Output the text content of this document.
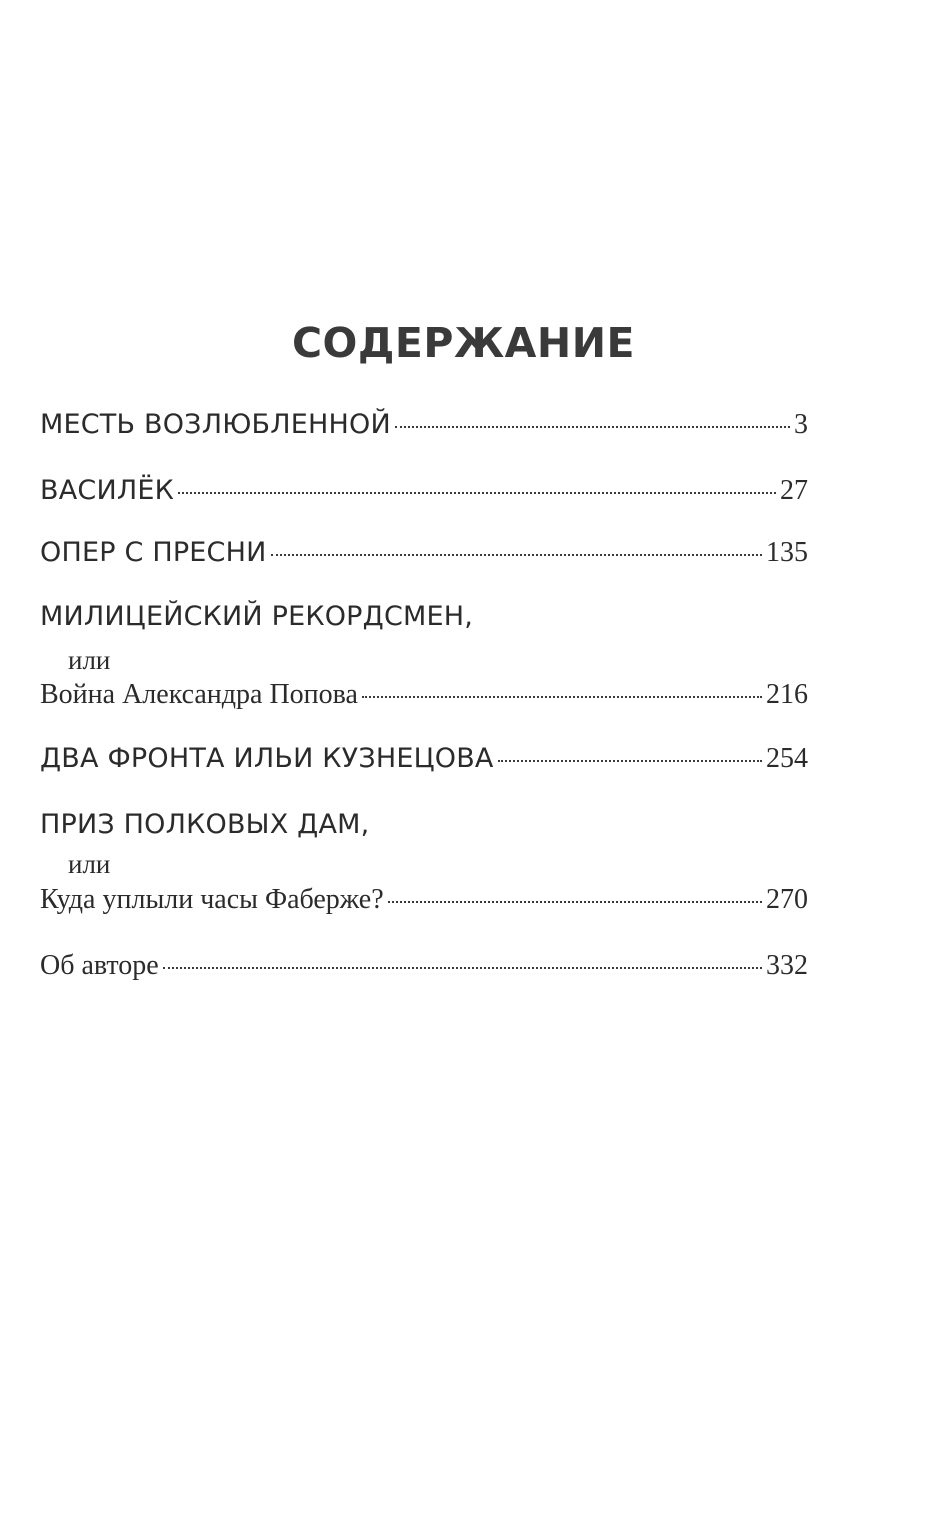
СОДЕРЖАНИЕ
МЕСТЬ ВОЗЛЮБЛЕННОЙ	3
ВАСИЛЁК	27
ОПЕР С ПРЕСНИ	135
МИЛИЦЕЙСКИЙ РЕКОРДСМЕН,
или
Война Александра Попова	216
ДВА ФРОНТА ИЛЬИ КУЗНЕЦОВА	254
ПРИЗ ПОЛКОВЫХ ДАМ,
или
Куда уплыли часы Фаберже?	270
Об авторе	332
